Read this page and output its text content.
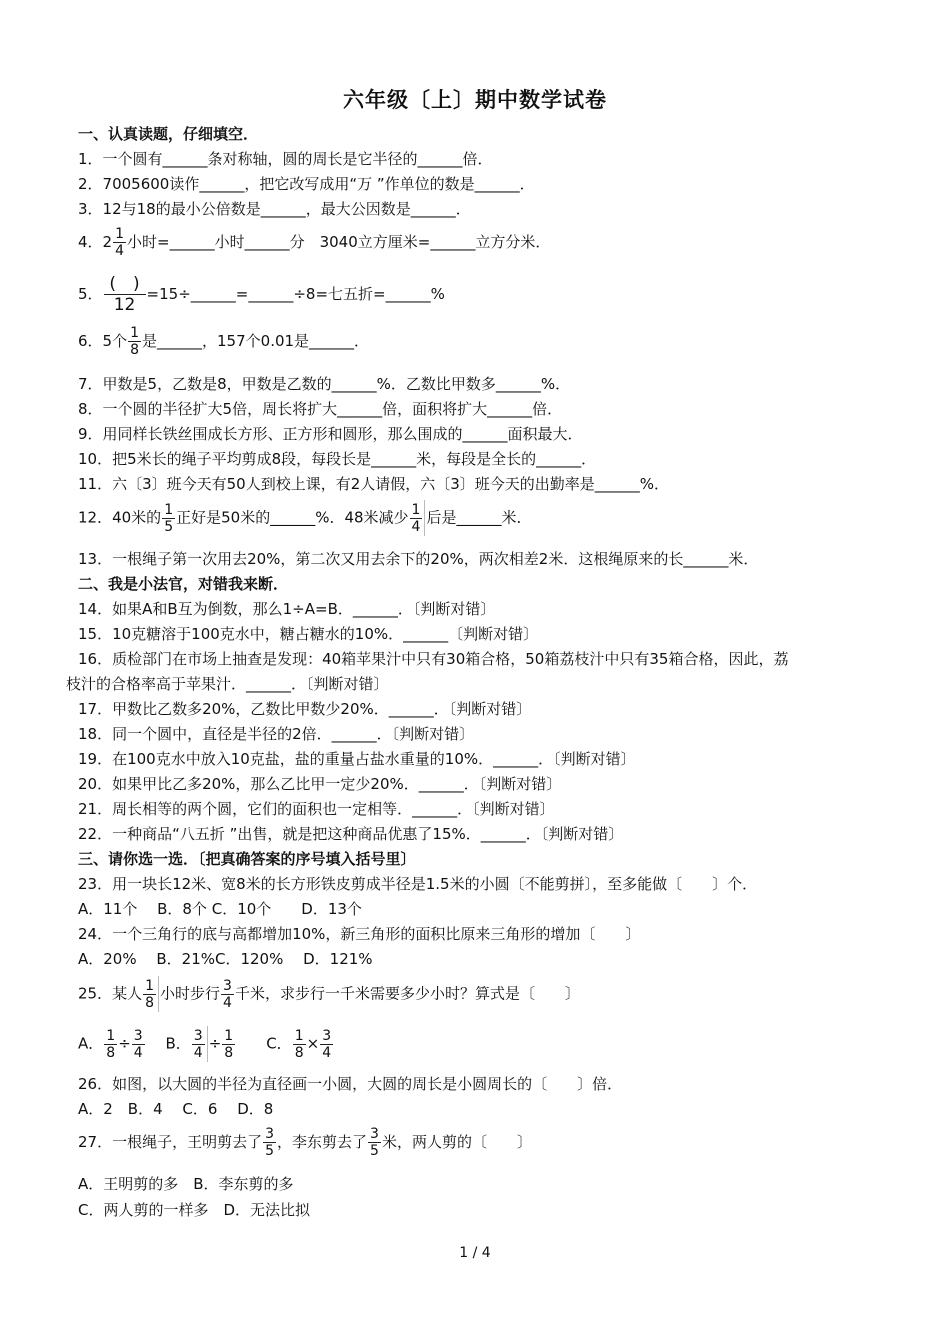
六年级〔上〕期中数学试卷
一、认真读题，仔细填空．
1．一个圆有______条对称轴，圆的周长是它半径的______倍．
2．7005600读作______，把它改写成用“万 ”作单位的数是______．
3．12与18的最小公倍数是______，最大公因数是______．
4．$2 \frac{1}{4}$ 小时=______小时______分　3040立方厘米=______立方分米．
5． $\frac{( )}{12}$ =15÷______=______÷8=七五折=______%
6．5个 $\frac{1}{8}$ 是______，157个0.01是______．
7．甲数是5，乙数是8，甲数是乙数的______%．乙数比甲数多______%．
8．一个圆的半径扩大5倍，周长将扩大______倍，面积将扩大______倍．
9．用同样长铁丝围成长方形、正方形和圆形，那么围成的______面积最大．
10．把5米长的绳子平均剪成8段，每段长是______米，每段是全长的______．
11．六〔3〕班今天有50人到校上课，有2人请假，六〔3〕班今天的出勤率是______%．
12．40米的 $\frac{1}{5}$ 正好是50米的______%．48米减少 $\frac{1}{4}$ 后是______米．
13．一根绳子第一次用去20%，第二次又用去余下的20%，两次相差2米．这根绳原来的长______米．
二、我是小法官，对错我来断．
14．如果A和B互为倒数，那么1÷A=B．______．〔判断对错〕
15．10克糖溶于100克水中，糖占糖水的10%．______〔判断对错〕
16．质检部门在市场上抽查是发现：40箱苹果汁中只有30箱合格，50箱荔枝汁中只有35箱合格，因此，荔
枝汁的合格率高于苹果汁．______．〔判断对错〕
17．甲数比乙数多20%，乙数比甲数少20%．______．〔判断对错〕
18．同一个圆中，直径是半径的2倍．______．〔判断对错〕
19．在100克水中放入10克盐，盐的重量占盐水重量的10%．______．〔判断对错〕
20．如果甲比乙多20%，那么乙比甲一定少20%．______．〔判断对错〕
21．周长相等的两个圆，它们的面积也一定相等．______．〔判断对错〕
22．一种商品“八五折 ”出售，就是把这种商品优惠了15%．______．〔判断对错〕
三、请你选一选．〔把真确答案的序号填入括号里〕
23．用一块长12米、宽8米的长方形铁皮剪成半径是1.5米的小圆〔不能剪拼〕，至多能做〔　　〕个．
A．11个　 B．8个 C．10个　　D．13个
24．一个三角行的底与高都增加10%，新三角形的面积比原来三角形的增加〔　　〕
A．20%　 B．21%C．120%　 D．121%
25．某人 $\frac{1}{8}$ 小时步行 $\frac{3}{4}$ 千米，求步行一千米需要多少小时？算式是〔　　〕
A． $\frac{1}{8} \div \frac{3}{4}$
　 B． $\frac{3}{4} \div \frac{1}{8}$
　　 C． $\frac{1}{8} \times \frac{3}{4}$
26．如图，以大圆的半径为直径画一小圆，大圆的周长是小圆周长的〔　　〕倍．
A．2　B．4　 C．6　 D．8
27．一根绳子，王明剪去了 $\frac{3}{5}$ ，李东剪去了 $\frac{3}{5}$ 米，两人剪的〔　　〕
A．王明剪的多　B．李东剪的多
C．两人剪的一样多　D．无法比拟
1 / 4
